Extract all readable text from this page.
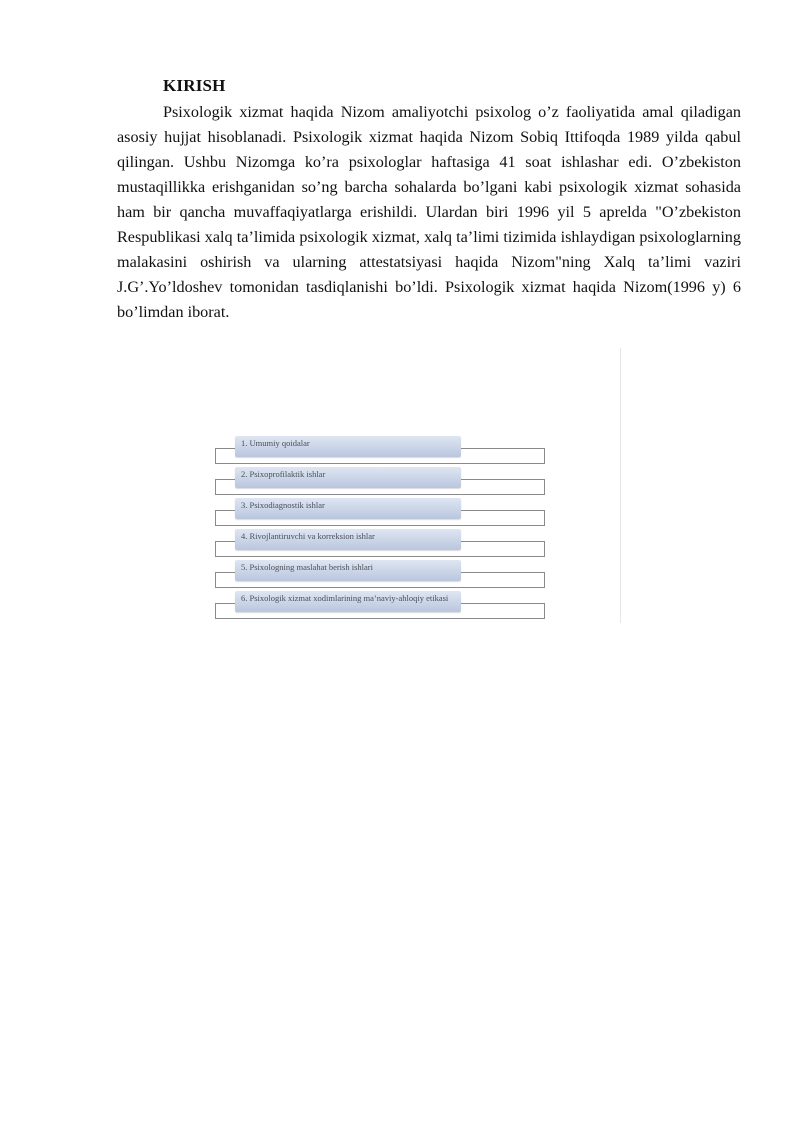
KIRISH

Psixologik xizmat haqida Nizom amaliyotchi psixolog o’z faoliyatida amal qiladigan asosiy hujjat hisoblanadi. Psixologik xizmat haqida Nizom Sobiq Ittifoqda 1989 yilda qabul qilingan. Ushbu Nizomga ko’ra psixologlar haftasiga 41 soat ishlashar edi. O’zbekiston mustaqillikka erishganidan so’ng barcha sohalarda bo’lgani kabi psixologik xizmat sohasida ham bir qancha muvaffaqiyatlarga erishildi. Ulardan biri 1996 yil 5 aprelda "O’zbekiston Respublikasi xalq ta’limida psixologik xizmat, xalq ta’limi tizimida ishlaydigan psixologlarning malakasini oshirish va ularning attestatsiyasi haqida Nizom"ning Xalq ta’limi vaziri J.G’.Yo’ldoshev tomonidan tasdiqlanishi bo’ldi. Psixologik xizmat haqida Nizom(1996 y) 6 bo’limdan iborat.

1. Umumiy qoidalar
2. Psixoprofilaktik ishlar
3. Psixodiagnostik ishlar
4. Rivojlantiruvchi va korreksion ishlar
5. Psixologning maslahat berish ishlari
6. Psixologik xizmat xodimlarining ma’naviy-ahloqiy etikasi
